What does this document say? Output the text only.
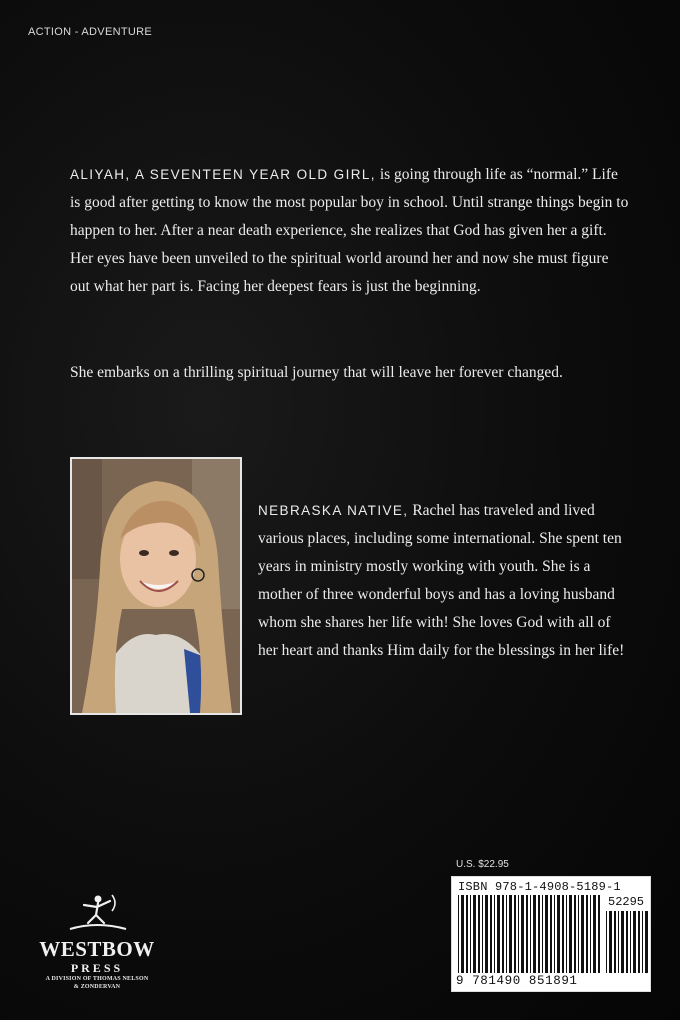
ACTION - ADVENTURE
ALIYAH, A SEVENTEEN YEAR OLD GIRL, is going through life as “normal.” Life is good after getting to know the most popular boy in school. Until strange things begin to happen to her. After a near death experience, she realizes that God has given her a gift. Her eyes have been unveiled to the spiritual world around her and now she must figure out what her part is. Facing her deepest fears is just the beginning.
She embarks on a thrilling spiritual journey that will leave her forever changed.
NEBRASKA NATIVE, Rachel has traveled and lived various places, including some international. She spent ten years in ministry mostly working with youth. She is a mother of three wonderful boys and has a loving husband whom she shares her life with! She loves God with all of her heart and thanks Him daily for the blessings in her life!
U.S. $22.95
ISBN 978-1-4908-5189-1
52295
9 781490 851891
WESTBOW
PRESS
A DIVISION OF THOMAS NELSON
& ZONDERVAN
